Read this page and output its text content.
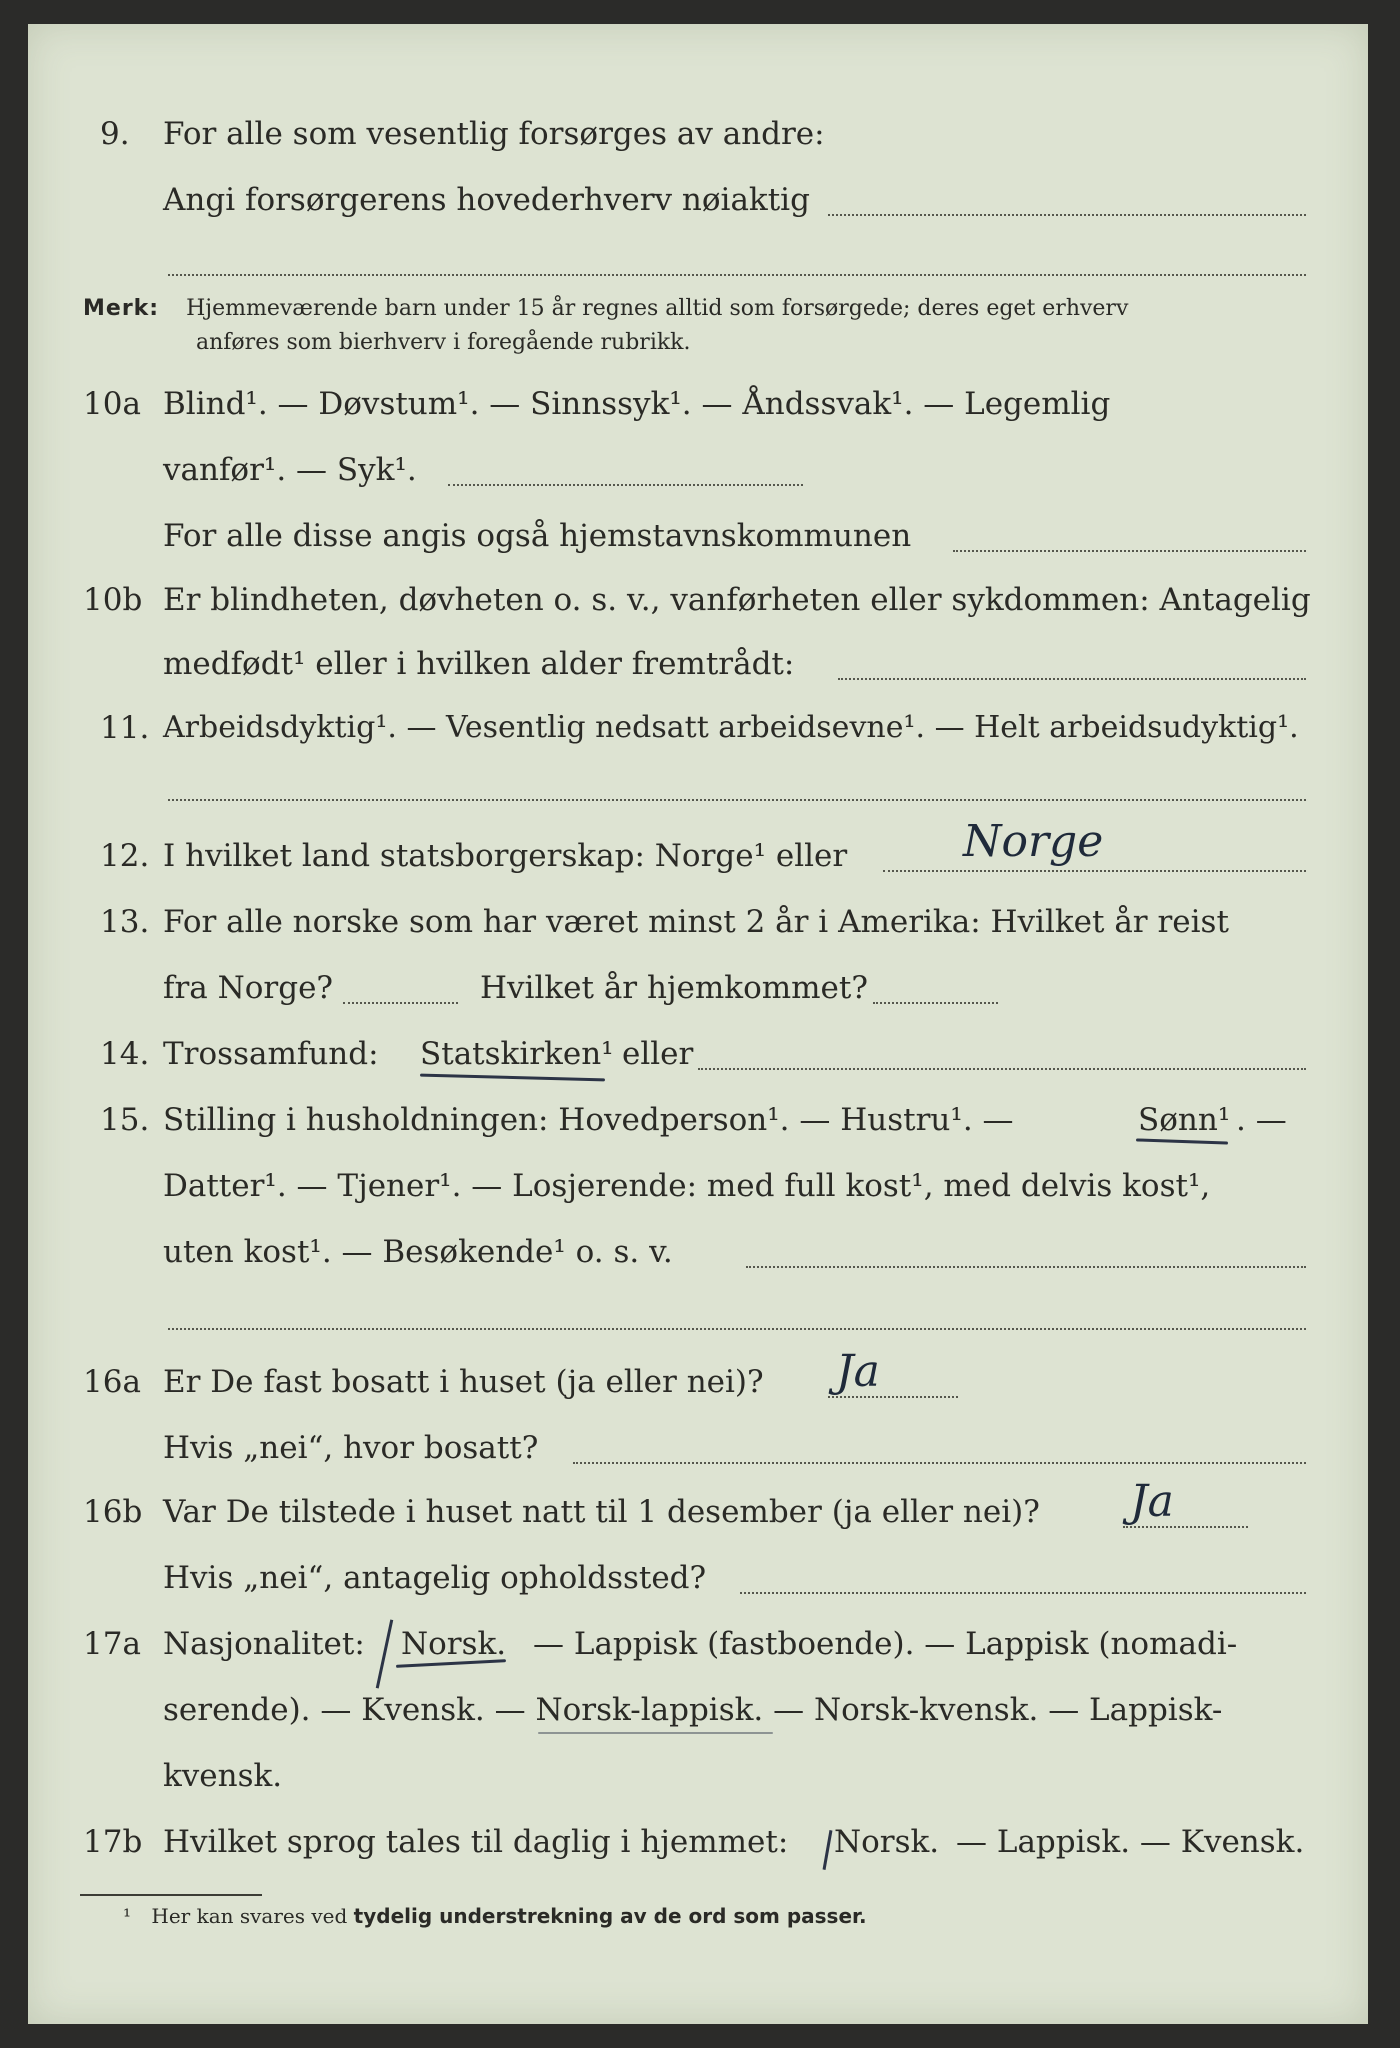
9. For alle som vesentlig forsørges av andre:
Angi forsørgerens hovederhverv nøiaktig
Merk: Hjemmeværende barn under 15 år regnes alltid som forsørgede; deres eget erhverv
anføres som bierhverv i foregående rubrikk.
10a Blind¹. — Døvstum¹. — Sinnssyk¹. — Åndssvak¹. — Legemlig
vanfør¹. — Syk¹.
For alle disse angis også hjemstavnskommunen
10b Er blindheten, døvheten o. s. v., vanførheten eller sykdommen: Antagelig
medfødt¹ eller i hvilken alder fremtrådt:
11. Arbeidsdyktig¹. — Vesentlig nedsatt arbeidsevne¹. — Helt arbeidsudyktig¹.
12. I hvilket land statsborgerskap: Norge¹ eller	Norge
13. For alle norske som har været minst 2 år i Amerika: Hvilket år reist
fra Norge?	Hvilket år hjemkommet?
14. Trossamfund: Statskirken¹ eller
15. Stilling i husholdningen: Hovedperson¹. — Hustru¹. —	Sønn¹ . —
Datter¹. — Tjener¹. — Losjerende: med full kost¹, med delvis kost¹,
uten kost¹. — Besøkende¹ o. s. v.
16a Er De fast bosatt i huset (ja eller nei)? Ja
Hvis „nei“, hvor bosatt?
16b Var De tilstede i huset natt til 1 desember (ja eller nei)? Ja
Hvis „nei“, antagelig opholdssted?
17a Nasjonalitet: Norsk. — Lappisk (fastboende). — Lappisk (nomadi-
serende). — Kvensk. — Norsk-lappisk. — Norsk-kvensk. — Lappisk-
kvensk.
17b Hvilket sprog tales til daglig i hjemmet: Norsk. — Lappisk. — Kvensk.
¹ Her kan svares ved tydelig understrekning av de ord som passer.
